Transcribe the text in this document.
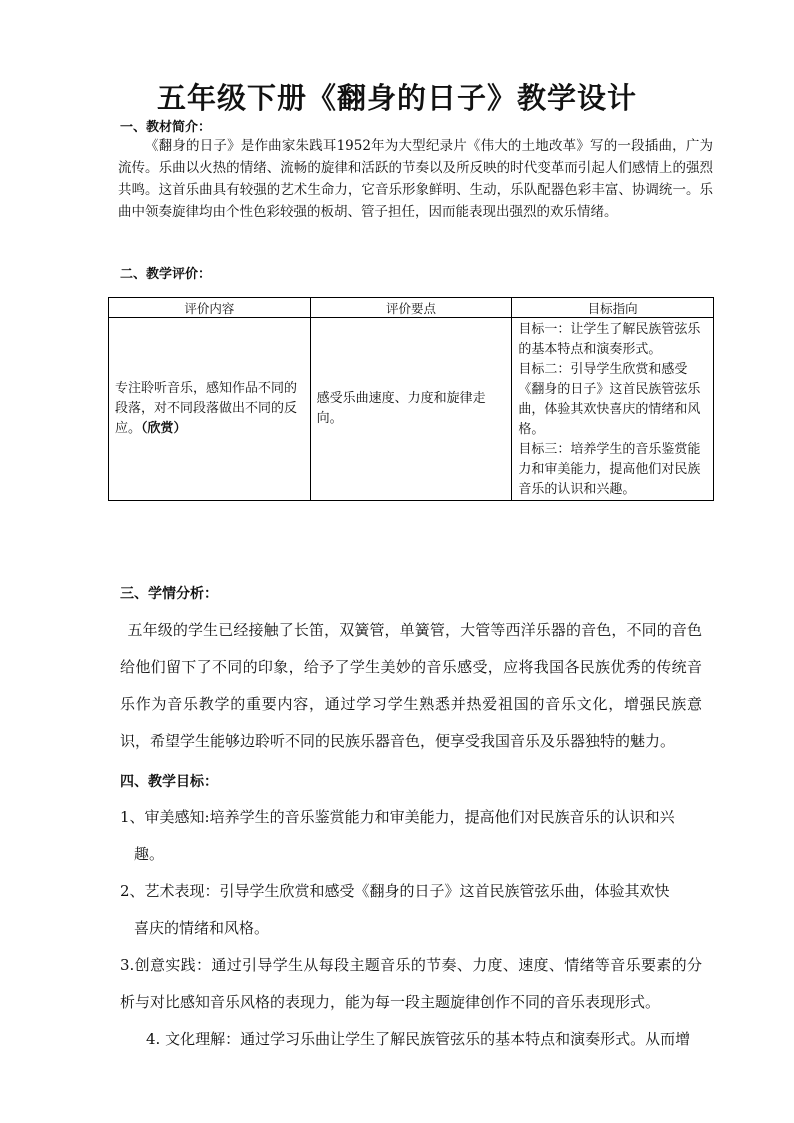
五年级下册《翻身的日子》教学设计
一、教材简介：

《翻身的日子》是作曲家朱践耳1952年为大型纪录片《伟大的土地改革》写的一段插曲，广为流传。乐曲以火热的情绪、流畅的旋律和活跃的节奏以及所反映的时代变革而引起人们感情上的强烈共鸣。这首乐曲具有较强的艺术生命力，它音乐形象鲜明、生动，乐队配器色彩丰富、协调统一。乐曲中领奏旋律均由个性色彩较强的板胡、管子担任，因而能表现出强烈的欢乐情绪。

二、教学评价：
评价内容	评价要点	目标指向
专注聆听音乐，感知作品不同的段落，对不同段落做出不同的反应。（欣赏）	感受乐曲速度、力度和旋律走向。	目标一：让学生了解民族管弦乐的基本特点和演奏形式。
目标二：引导学生欣赏和感受《翻身的日子》这首民族管弦乐曲，体验其欢快喜庆的情绪和风格。
目标三：培养学生的音乐鉴赏能力和审美能力，提高他们对民族音乐的认识和兴趣。
三、学情分析：

五年级的学生已经接触了长笛，双簧管，单簧管，大管等西洋乐器的音色，不同的音色给他们留下了不同的印象，给予了学生美妙的音乐感受，应将我国各民族优秀的传统音乐作为音乐教学的重要内容，通过学习学生熟悉并热爱祖国的音乐文化，增强民族意识，希望学生能够边聆听不同的民族乐器音色，便享受我国音乐及乐器独特的魅力。

四、教学目标：
1、审美感知:培养学生的音乐鉴赏能力和审美能力，提高他们对民族音乐的认识和兴
趣。
2、艺术表现：引导学生欣赏和感受《翻身的日子》这首民族管弦乐曲，体验其欢快
喜庆的情绪和风格。

3.创意实践：通过引导学生从每段主题音乐的节奏、力度、速度、情绪等音乐要素的分析与对比感知音乐风格的表现力，能为每一段主题旋律创作不同的音乐表现形式。

4. 文化理解：通过学习乐曲让学生了解民族管弦乐的基本特点和演奏形式。从而增
